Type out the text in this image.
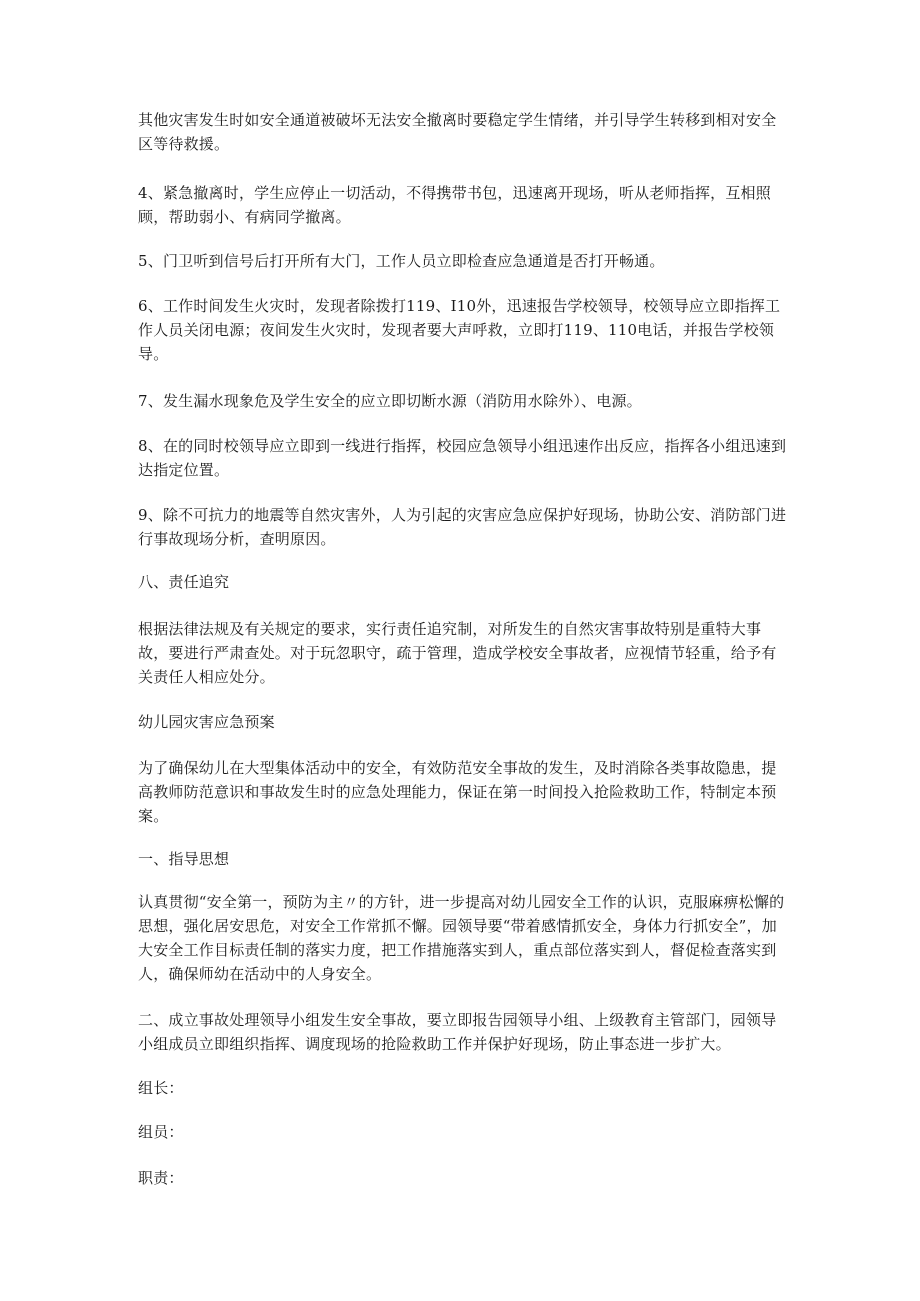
其他灾害发生时如安全通道被破坏无法安全撤离时要稳定学生情绪，并引导学生转移到相对安全区等待救援。

4、紧急撤离时，学生应停止一切活动，不得携带书包，迅速离开现场，听从老师指挥，互相照顾，帮助弱小、有病同学撤离。

5、门卫听到信号后打开所有大门，工作人员立即检查应急通道是否打开畅通。

6、工作时间发生火灾时，发现者除拨打119、I10外，迅速报告学校领导，校领导应立即指挥工作人员关闭电源；夜间发生火灾时，发现者要大声呼救，立即打119、110电话，并报告学校领导。

7、发生漏水现象危及学生安全的应立即切断水源（消防用水除外）、电源。

8、在的同时校领导应立即到一线进行指挥，校园应急领导小组迅速作出反应，指挥各小组迅速到达指定位置。

9、除不可抗力的地震等自然灾害外，人为引起的灾害应急应保护好现场，协助公安、消防部门进行事故现场分析，查明原因。

八、责任追究

根据法律法规及有关规定的要求，实行责任追究制，对所发生的自然灾害事故特别是重特大事故，要进行严肃查处。对于玩忽职守，疏于管理，造成学校安全事故者，应视情节轻重，给予有关责任人相应处分。

幼儿园灾害应急预案

为了确保幼儿在大型集体活动中的安全，有效防范安全事故的发生，及时消除各类事故隐患，提高教师防范意识和事故发生时的应急处理能力，保证在第一时间投入抢险救助工作，特制定本预案。

一、指导思想

认真贯彻“安全第一，预防为主〃的方针，进一步提高对幼儿园安全工作的认识，克服麻痹松懈的思想，强化居安思危，对安全工作常抓不懈。园领导要“带着感情抓安全，身体力行抓安全”，加大安全工作目标责任制的落实力度，把工作措施落实到人，重点部位落实到人，督促检查落实到人，确保师幼在活动中的人身安全。

二、成立事故处理领导小组发生安全事故，要立即报告园领导小组、上级教育主管部门，园领导小组成员立即组织指挥、调度现场的抢险救助工作并保护好现场，防止事态进一步扩大。

组长：

组员：

职责：
